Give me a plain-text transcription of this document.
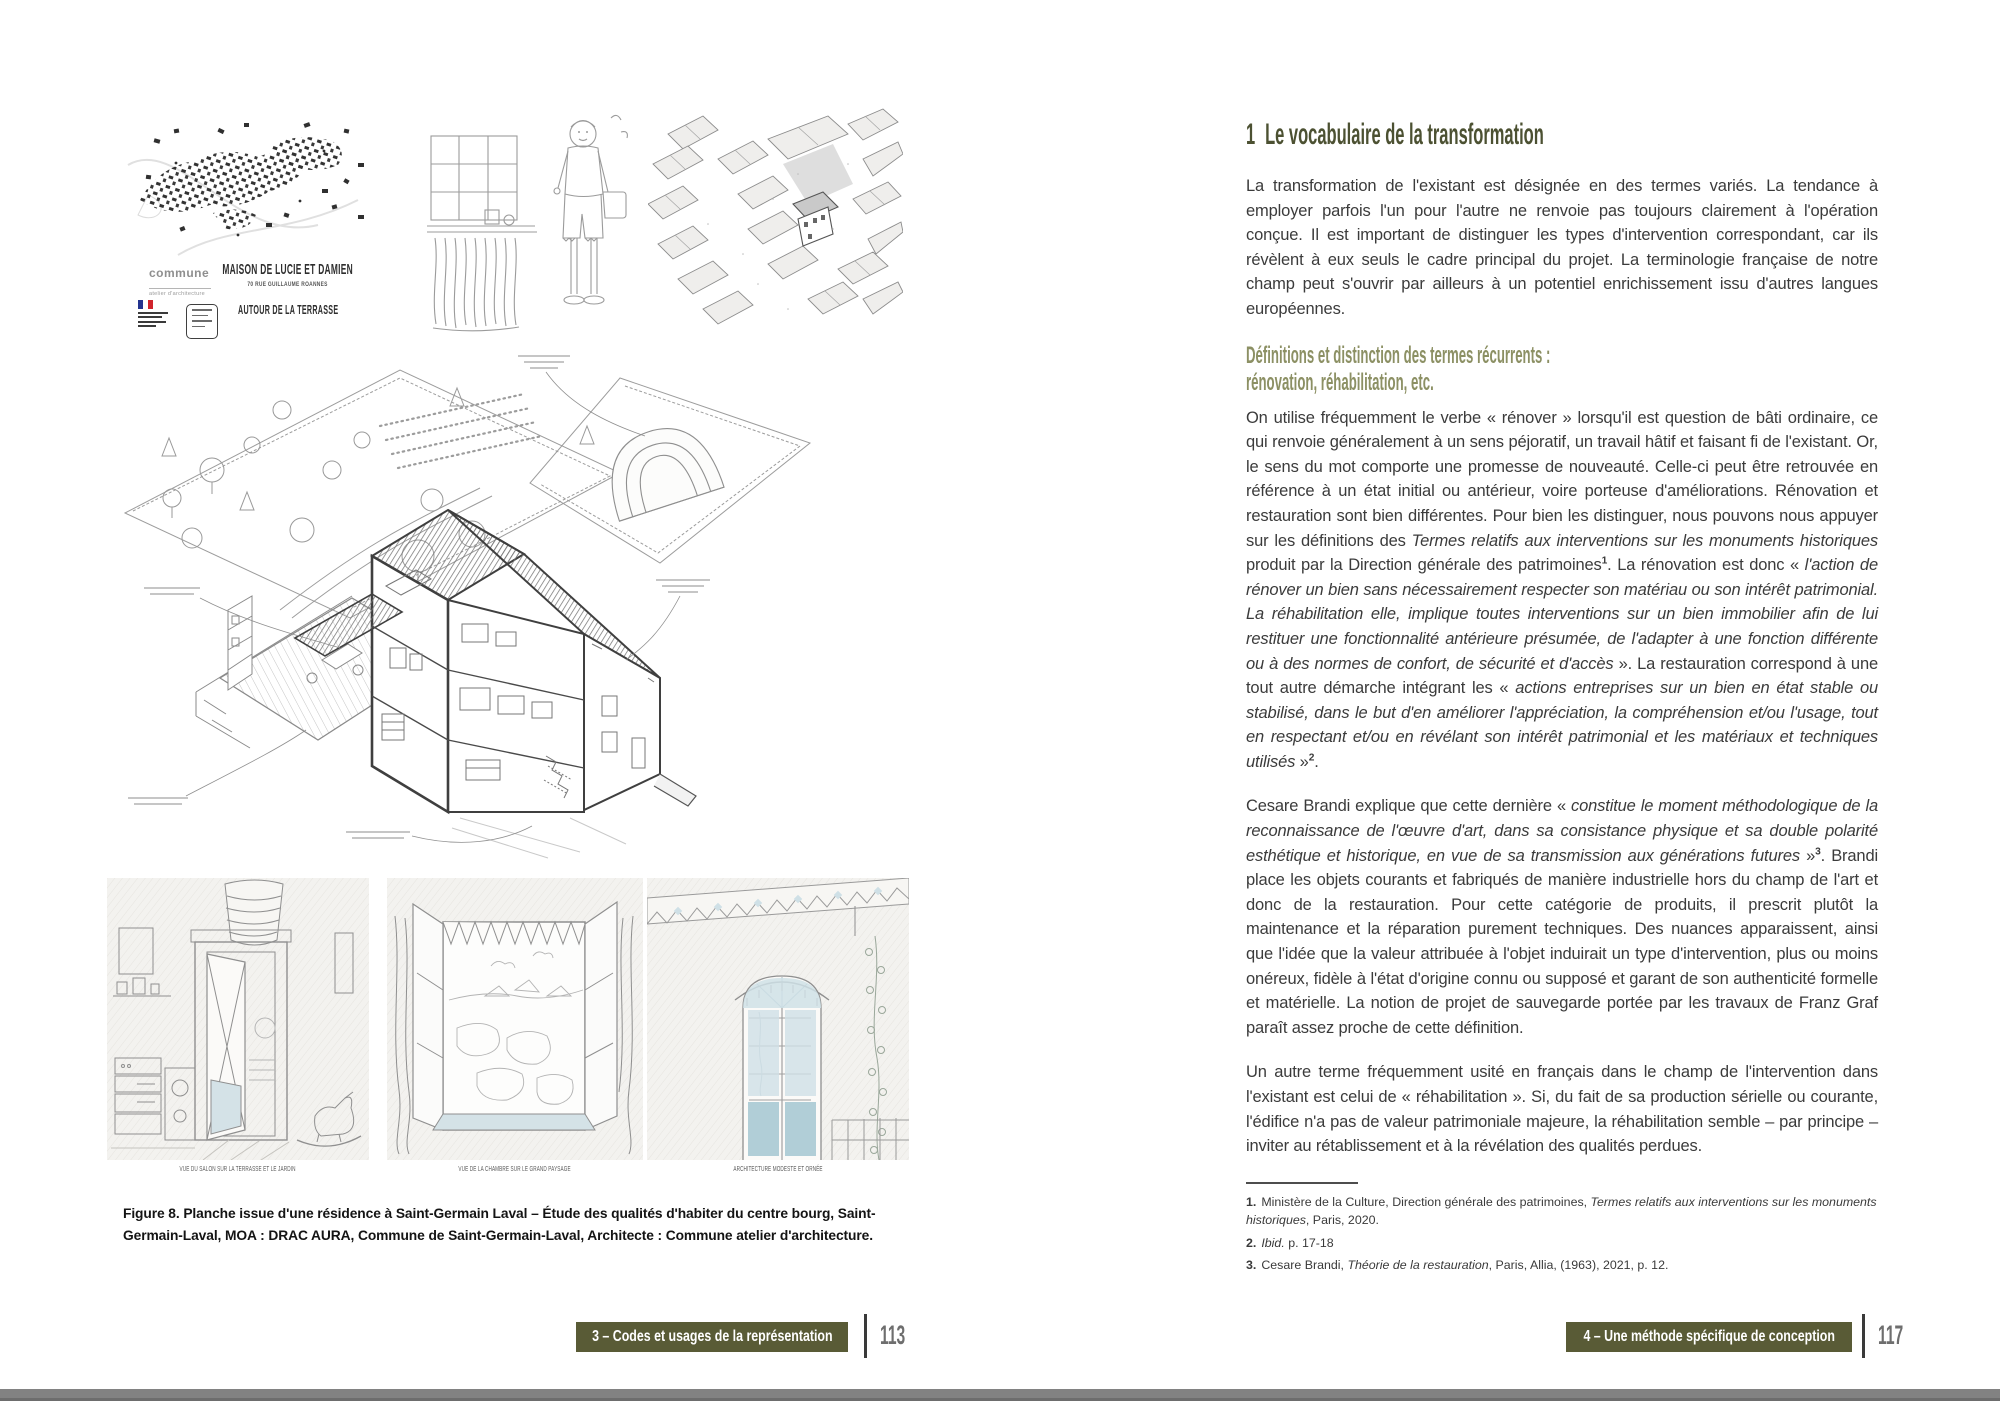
MAISON DE LUCIE ET DAMIEN
70 RUE GUILLAUME ROANNES
AUTOUR DE LA TERRASSE
commune
atelier d'architecture
VUE DU SALON SUR LA TERRASSE ET LE JARDIN	VUE DE LA CHAMBRE SUR LE GRAND PAYSAGE	ARCHITECTURE MODESTE ET ORNÉE
Figure 8. Planche issue d'une résidence à Saint-Germain Laval – Étude des qualités d'habiter du centre bourg, Saint-Germain-Laval, MOA : DRAC AURA, Commune de Saint-Germain-Laval, Architecte : Commune atelier d'architecture.
1 Le vocabulaire de la transformation

La transformation de l'existant est désignée en des termes variés. La tendance à employer parfois l'un pour l'autre ne renvoie pas toujours clairement à l'opération conçue. Il est important de distinguer les types d'intervention correspondant, car ils révèlent à eux seuls le cadre principal du projet. La terminologie française de notre champ peut s'ouvrir par ailleurs à un potentiel enrichissement issu d'autres langues européennes.

Définitions et distinction des termes récurrents :
rénovation, réhabilitation, etc.

On utilise fréquemment le verbe « rénover » lorsqu'il est question de bâti ordinaire, ce qui renvoie généralement à un sens péjoratif, un travail hâtif et faisant fi de l'existant. Or, le sens du mot comporte une promesse de nouveauté. Celle-ci peut être retrouvée en référence à un état initial ou antérieur, voire porteuse d'améliorations. Rénovation et restauration sont bien différentes. Pour bien les distinguer, nous pouvons nous appuyer sur les définitions des Termes relatifs aux interventions sur les monuments historiques produit par la Direction générale des patrimoines$^1$. La rénovation est donc « l'action de rénover un bien sans nécessairement respecter son matériau ou son intérêt patrimonial. La réhabilitation elle, implique toutes interventions sur un bien immobilier afin de lui restituer une fonctionnalité antérieure présumée, de l'adapter à une fonction différente ou à des normes de confort, de sécurité et d'accès ». La restauration correspond à une tout autre démarche intégrant les « actions entreprises sur un bien en état stable ou stabilisé, dans le but d'en améliorer l'appréciation, la compréhension et/ou l'usage, tout en respectant et/ou en révélant son intérêt patrimonial et les matériaux et techniques utilisés »$^2$.

Cesare Brandi explique que cette dernière « constitue le moment méthodologique de la reconnaissance de l'œuvre d'art, dans sa consistance physique et sa double polarité esthétique et historique, en vue de sa transmission aux générations futures »$^3$. Brandi place les objets courants et fabriqués de manière industrielle hors du champ de l'art et donc de la restauration. Pour cette catégorie de produits, il prescrit plutôt la maintenance et la réparation purement techniques. Des nuances apparaissent, ainsi que l'idée que la valeur attribuée à l'objet induirait un type d'intervention, plus ou moins onéreux, fidèle à l'état d'origine connu ou supposé et garant de son authenticité formelle et matérielle. La notion de projet de sauvegarde portée par les travaux de Franz Graf paraît assez proche de cette définition.

Un autre terme fréquemment usité en français dans le champ de l'intervention dans l'existant est celui de « réhabilitation ». Si, du fait de sa production sérielle ou courante, l'édifice n'a pas de valeur patrimoniale majeure, la réhabilitation semble – par principe – inviter au rétablissement et à la révélation des qualités perdues.

1. Ministère de la Culture, Direction générale des patrimoines, Termes relatifs aux interventions sur les monuments historiques, Paris, 2020.
2. Ibid. p. 17-18
3. Cesare Brandi, Théorie de la restauration, Paris, Allia, (1963), 2021, p. 12.
3 – Codes et usages de la représentation 113	4 – Une méthode spécifique de conception 117
